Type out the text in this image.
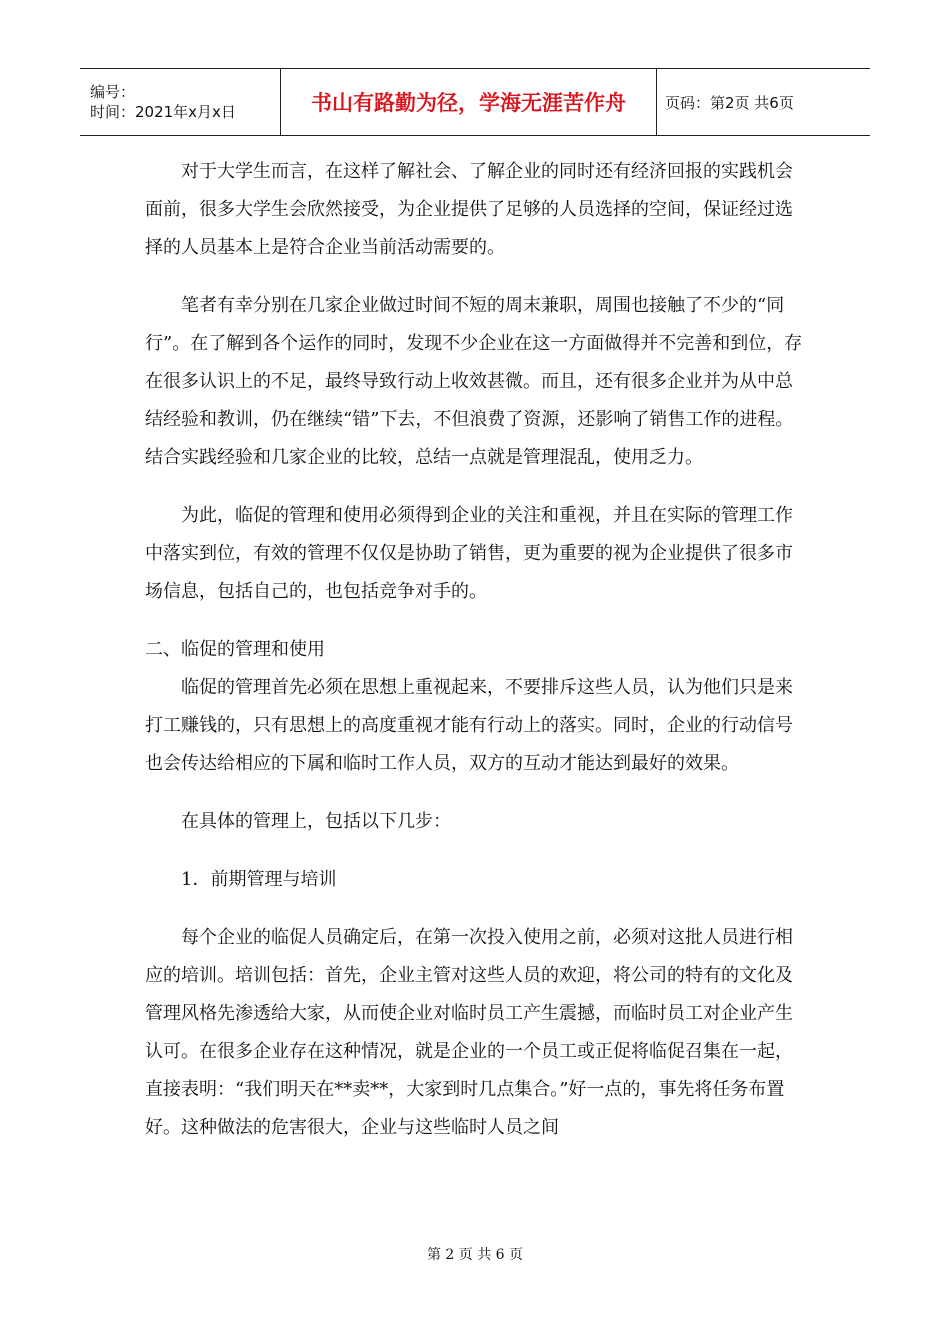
编号：
时间：2021年x月x日	书山有路勤为径，学海无涯苦作舟	页码：第2页 共6页

对于大学生而言，在这样了解社会、了解企业的同时还有经济回报的实践机会面前，很多大学生会欣然接受，为企业提供了足够的人员选择的空间，保证经过选择的人员基本上是符合企业当前活动需要的。

笔者有幸分别在几家企业做过时间不短的周末兼职，周围也接触了不少的“同行”。在了解到各个运作的同时，发现不少企业在这一方面做得并不完善和到位，存在很多认识上的不足，最终导致行动上收效甚微。而且，还有很多企业并为从中总结经验和教训，仍在继续“错”下去，不但浪费了资源，还影响了销售工作的进程。结合实践经验和几家企业的比较，总结一点就是管理混乱，使用乏力。

为此，临促的管理和使用必须得到企业的关注和重视，并且在实际的管理工作中落实到位，有效的管理不仅仅是协助了销售，更为重要的视为企业提供了很多市场信息，包括自己的，也包括竞争对手的。

二、临促的管理和使用

临促的管理首先必须在思想上重视起来，不要排斥这些人员，认为他们只是来打工赚钱的，只有思想上的高度重视才能有行动上的落实。同时，企业的行动信号也会传达给相应的下属和临时工作人员，双方的互动才能达到最好的效果。

在具体的管理上，包括以下几步：

1．前期管理与培训

每个企业的临促人员确定后，在第一次投入使用之前，必须对这批人员进行相应的培训。培训包括：首先，企业主管对这些人员的欢迎，将公司的特有的文化及管理风格先渗透给大家，从而使企业对临时员工产生震撼，而临时员工对企业产生认可。在很多企业存在这种情况，就是企业的一个员工或正促将临促召集在一起，直接表明：“我们明天在**卖**，大家到时几点集合。”好一点的，事先将任务布置好。这种做法的危害很大，企业与这些临时人员之间

第 2 页 共 6 页
